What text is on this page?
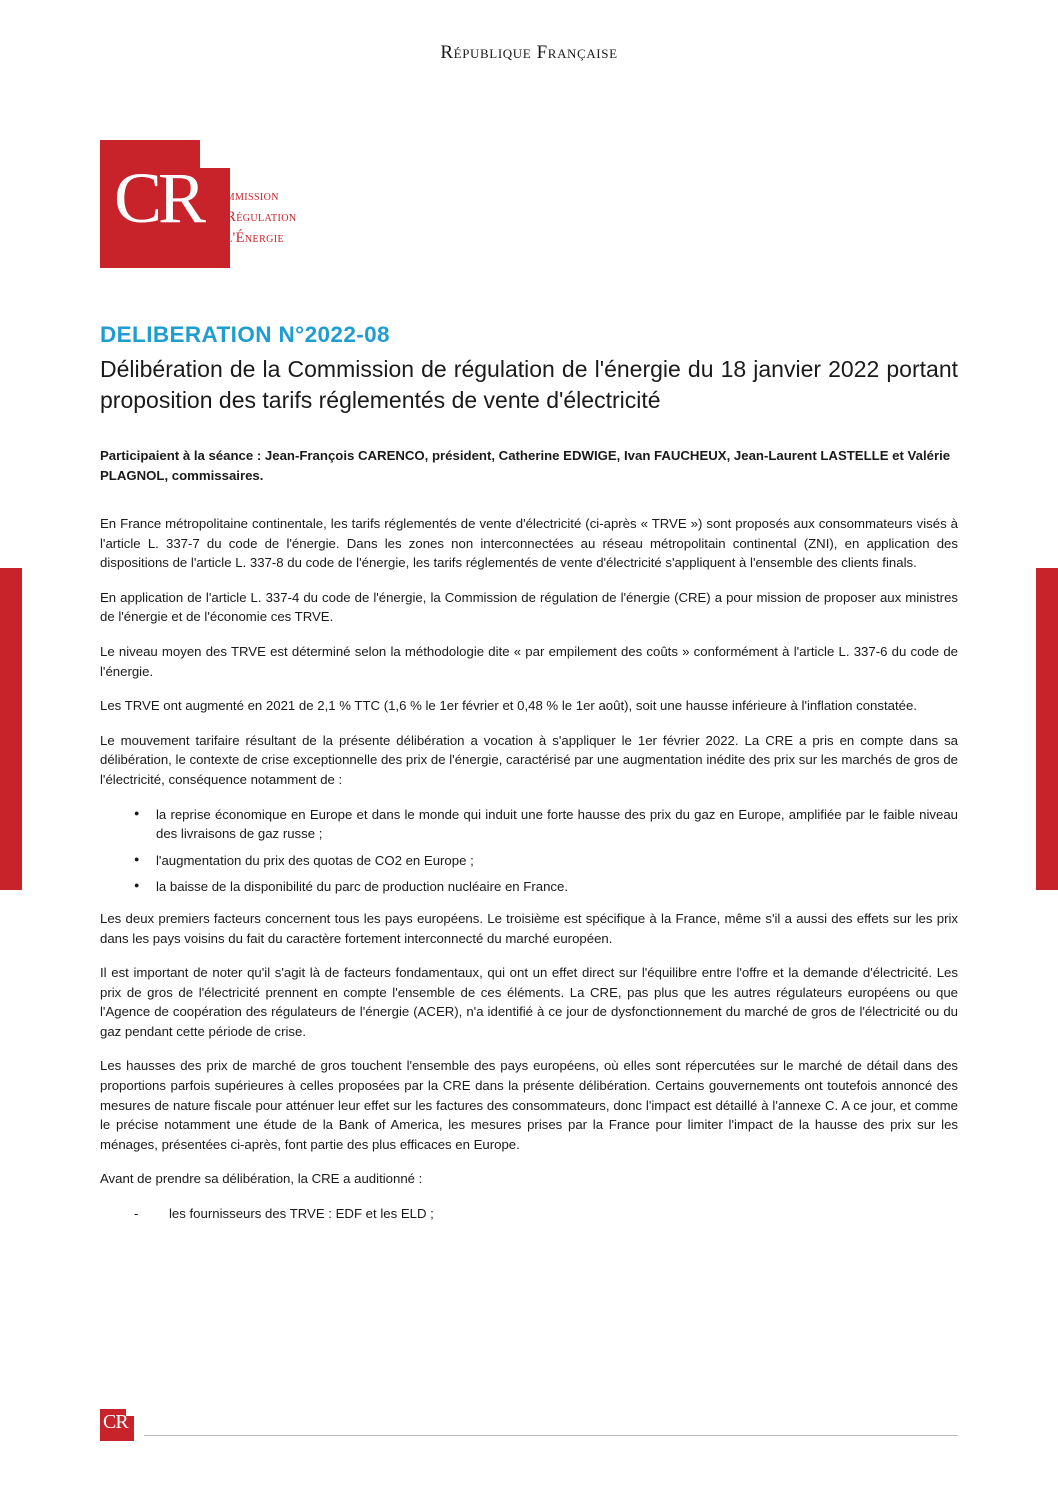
République Française
CR Commission
de Régulation
de l'Énergie
DELIBERATION N°2022-08
Délibération de la Commission de régulation de l'énergie du 18 janvier 2022 portant proposition des tarifs réglementés de vente d'électricité

Participaient à la séance : Jean-François CARENCO, président, Catherine EDWIGE, Ivan FAUCHEUX, Jean-Laurent LASTELLE et Valérie PLAGNOL, commissaires.

En France métropolitaine continentale, les tarifs réglementés de vente d'électricité (ci-après « TRVE ») sont proposés aux consommateurs visés à l'article L. 337-7 du code de l'énergie. Dans les zones non interconnectées au réseau métropolitain continental (ZNI), en application des dispositions de l'article L. 337-8 du code de l'énergie, les tarifs réglementés de vente d'électricité s'appliquent à l'ensemble des clients finals.

En application de l'article L. 337-4 du code de l'énergie, la Commission de régulation de l'énergie (CRE) a pour mission de proposer aux ministres de l'énergie et de l'économie ces TRVE.

Le niveau moyen des TRVE est déterminé selon la méthodologie dite « par empilement des coûts » conformément à l'article L. 337-6 du code de l'énergie.

Les TRVE ont augmenté en 2021 de 2,1 % TTC (1,6 % le 1er février et 0,48 % le 1er août), soit une hausse inférieure à l'inflation constatée.

Le mouvement tarifaire résultant de la présente délibération a vocation à s'appliquer le 1er février 2022. La CRE a pris en compte dans sa délibération, le contexte de crise exceptionnelle des prix de l'énergie, caractérisé par une augmentation inédite des prix sur les marchés de gros de l'électricité, conséquence notamment de :

● la reprise économique en Europe et dans le monde qui induit une forte hausse des prix du gaz en Europe, amplifiée par le faible niveau des livraisons de gaz russe ;
● l'augmentation du prix des quotas de CO2 en Europe ;
● la baisse de la disponibilité du parc de production nucléaire en France.

Les deux premiers facteurs concernent tous les pays européens. Le troisième est spécifique à la France, même s'il a aussi des effets sur les prix dans les pays voisins du fait du caractère fortement interconnecté du marché européen.

Il est important de noter qu'il s'agit là de facteurs fondamentaux, qui ont un effet direct sur l'équilibre entre l'offre et la demande d'électricité. Les prix de gros de l'électricité prennent en compte l'ensemble de ces éléments. La CRE, pas plus que les autres régulateurs européens ou que l'Agence de coopération des régulateurs de l'énergie (ACER), n'a identifié à ce jour de dysfonctionnement du marché de gros de l'électricité ou du gaz pendant cette période de crise.

Les hausses des prix de marché de gros touchent l'ensemble des pays européens, où elles sont répercutées sur le marché de détail dans des proportions parfois supérieures à celles proposées par la CRE dans la présente délibération. Certains gouvernements ont toutefois annoncé des mesures de nature fiscale pour atténuer leur effet sur les factures des consommateurs, donc l'impact est détaillé à l'annexe C. A ce jour, et comme le précise notamment une étude de la Bank of America, les mesures prises par la France pour limiter l'impact de la hausse des prix sur les ménages, présentées ci-après, font partie des plus efficaces en Europe.

Avant de prendre sa délibération, la CRE a auditionné :

- les fournisseurs des TRVE : EDF et les ELD ;
CR
